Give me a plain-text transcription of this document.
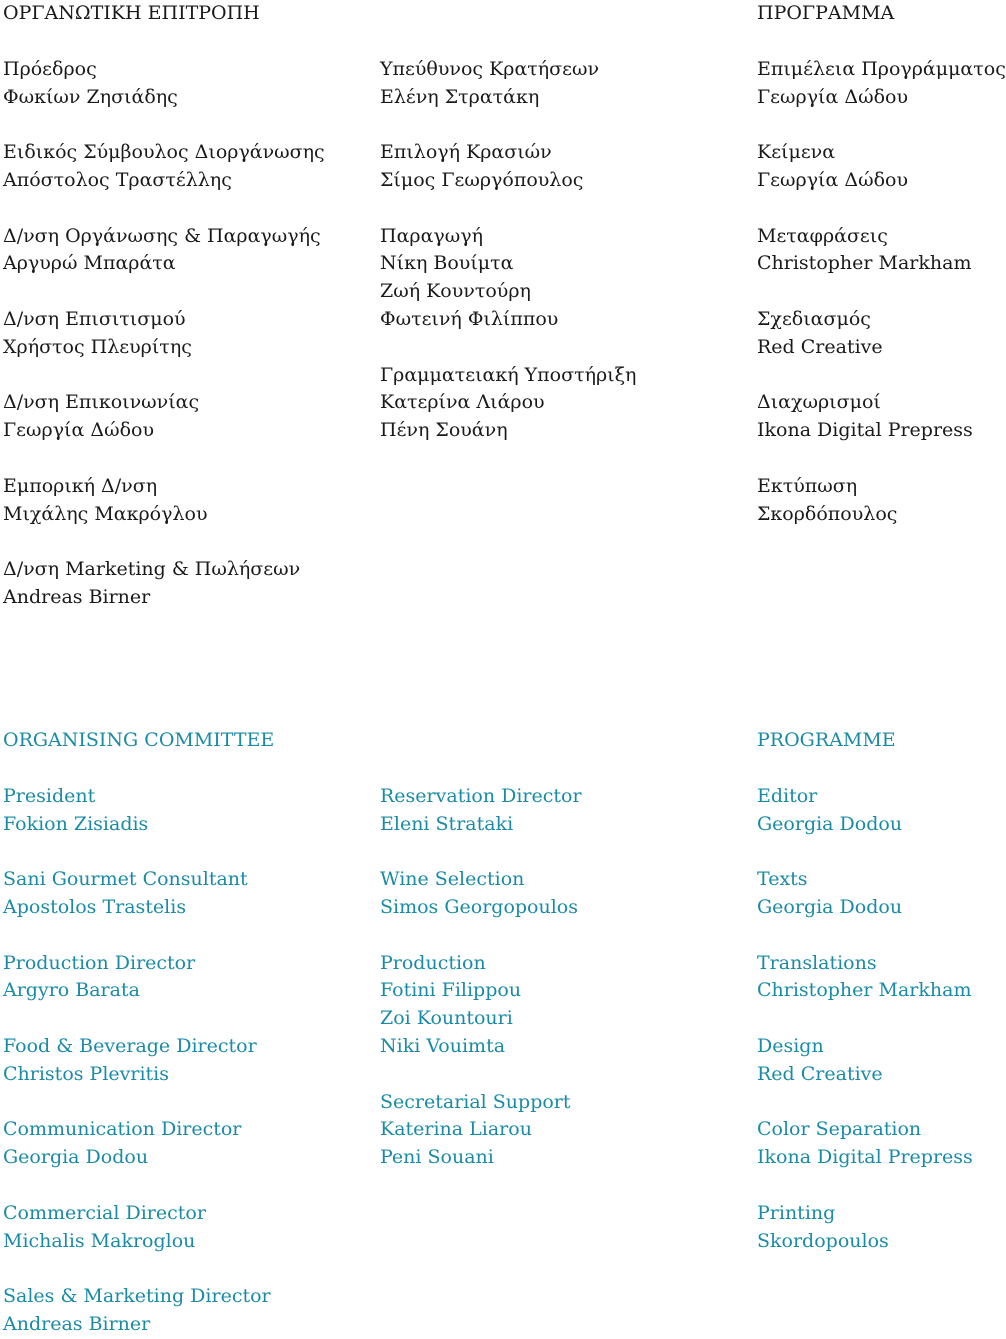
ΟΡΓΑΝΩΤΙΚΗ ΕΠΙΤΡΟΠΗ
Πρόεδρος
Φωκίων Ζησιάδης
Ειδικός Σύμβουλος Διοργάνωσης
Απόστολος Τραστέλλης
Δ/νση Οργάνωσης & Παραγωγής
Αργυρώ Μπαράτα
Δ/νση Επισιτισμού
Χρήστος Πλευρίτης
Δ/νση Επικοινωνίας
Γεωργία Δώδου
Εμπορική Δ/νση
Μιχάλης Μακρόγλου
Δ/νση Marketing & Πωλήσεων
Andreas Birner
Υπεύθυνος Κρατήσεων
Ελένη Στρατάκη
Επιλογή Κρασιών
Σίμος Γεωργόπουλος
Παραγωγή
Νίκη Βουίμτα
Ζωή Κουντούρη
Φωτεινή Φιλίππου
Γραμματειακή Υποστήριξη
Κατερίνα Λιάρου
Πένη Σουάνη
ΠΡΟΓΡΑΜΜΑ
Επιμέλεια Προγράμματος
Γεωργία Δώδου
Κείμενα
Γεωργία Δώδου
Μεταφράσεις
Christopher Markham
Σχεδιασμός
Red Creative
Διαχωρισμοί
Ikona Digital Prepress
Εκτύπωση
Σκορδόπουλος
ORGANISING COMMITTEE
President
Fokion Zisiadis
Sani Gourmet Consultant
Apostolos Trastelis
Production Director
Argyro Barata
Food & Beverage Director
Christos Plevritis
Communication Director
Georgia Dodou
Commercial Director
Michalis Makroglou
Sales & Marketing Director
Andreas Birner
Reservation Director
Eleni Strataki
Wine Selection
Simos Georgopoulos
Production
Fotini Filippou
Zoi Kountouri
Niki Vouimta
Secretarial Support
Katerina Liarou
Peni Souani
PROGRAMME
Editor
Georgia Dodou
Texts
Georgia Dodou
Translations
Christopher Markham
Design
Red Creative
Color Separation
Ikona Digital Prepress
Printing
Skordopoulos
